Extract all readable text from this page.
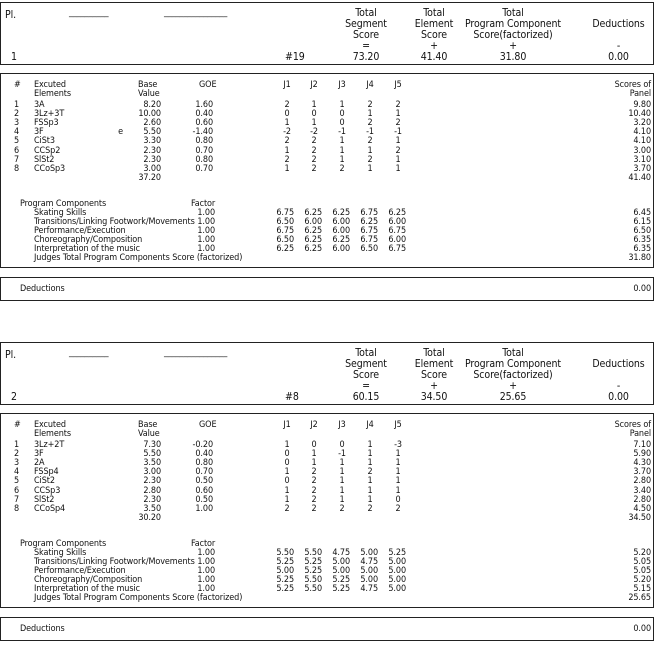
Pl.	__________	________________	Total
Segment
Score
=
Total
Element
Score
+
Total
Program Component
Score(factorized)
+
Deductions
-
1	#19	73.20	41.40	31.80	0.00
# Excuted
Elements
Base
Value
GOE	J1	J2	J3	J4	J5	Scores of
Panel
1 3A	8.20	1.60	2	1	1	2	2	9.80
2 3Lz+3T	10.00	0.40	0	0	0	1	1	10.40
3 FSSp3	2.60	0.60	1	1	0	2	2	3.20
4 3F	e	5.50	-1.40	-2	-2	-1	-1	-1	4.10
5 CiSt3	3.30	0.80	2	2	1	2	1	4.10
6 CCSp2	2.30	0.70	1	2	1	1	2	3.00
7 SlSt2	2.30	0.80	2	2	1	2	1	3.10
8 CCoSp3	3.00	0.70	1	2	2	1	1	3.70
37.20	41.40
Program Components	Factor
Skating Skills	1.00	6.75	6.25	6.25	6.75	6.25	6.45
Transitions/Linking Footwork/Movements 1.00	6.50	6.00	6.00	6.25	6.00	6.15
Performance/Execution	1.00	6.75	6.25	6.00	6.75	6.75	6.50
Choreography/Composition	1.00	6.50	6.25	6.25	6.75	6.00	6.35
Interpretation of the music	1.00	6.25	6.25	6.00	6.50	6.75	6.35
Judges Total Program Components Score (factorized)	31.80
Deductions	0.00
Pl.	__________	________________	Total
Segment
Score
=
Total
Element
Score
+
Total
Program Component
Score(factorized)
+
Deductions
-
2	#8	60.15	34.50	25.65	0.00
# Excuted
Elements
Base
Value
GOE	J1	J2	J3	J4	J5	Scores of
Panel
1 3Lz+2T	7.30	-0.20	1	0	0	1	-3	7.10
2 3F	5.50	0.40	0	1	-1	1	1	5.90
3 2A	3.50	0.80	0	1	1	1	1	4.30
4 FSSp4	3.00	0.70	1	2	1	2	1	3.70
5 CiSt2	2.30	0.50	0	2	1	1	1	2.80
6 CCSp3	2.80	0.60	1	2	1	1	1	3.40
7 SlSt2	2.30	0.50	1	2	1	1	0	2.80
8 CCoSp4	3.50	1.00	2	2	2	2	2	4.50
30.20	34.50
Program Components	Factor
Skating Skills	1.00	5.50	5.50	4.75	5.00	5.25	5.20
Transitions/Linking Footwork/Movements 1.00	5.25	5.25	5.00	4.75	5.00	5.05
Performance/Execution	1.00	5.00	5.25	5.00	5.00	5.00	5.05
Choreography/Composition	1.00	5.25	5.50	5.25	5.00	5.00	5.20
Interpretation of the music	1.00	5.25	5.50	5.25	4.75	5.00	5.15
Judges Total Program Components Score (factorized)	25.65
Deductions	0.00
